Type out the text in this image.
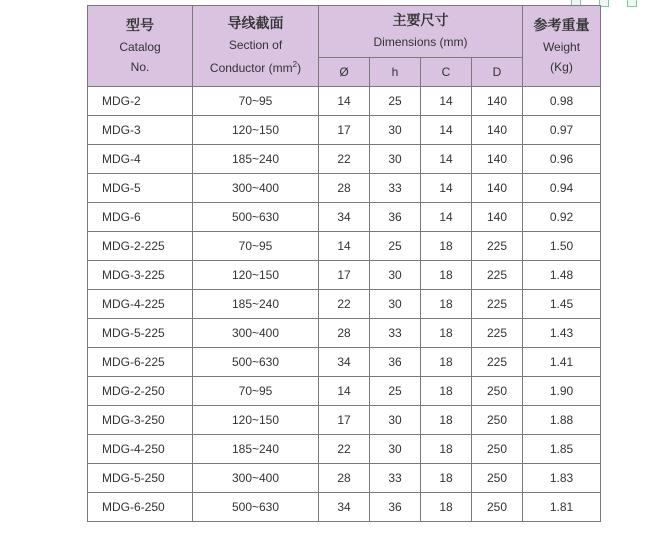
型号
Catalog
No.	导线截面
Section of
Conductor $(mm^2)$	主要尺寸
Dimensions (mm)				参考重量
Weight
(Kg)

		Ø	h	C	D	
MDG-2	70~95	14	25	14	140	0.98
MDG-3	120~150	17	30	14	140	0.97
MDG-4	185~240	22	30	14	140	0.96
MDG-5	300~400	28	33	14	140	0.94
MDG-6	500~630	34	36	14	140	0.92
MDG-2-225	70~95	14	25	18	225	1.50
MDG-3-225	120~150	17	30	18	225	1.48
MDG-4-225	185~240	22	30	18	225	1.45
MDG-5-225	300~400	28	33	18	225	1.43
MDG-6-225	500~630	34	36	18	225	1.41
MDG-2-250	70~95	14	25	18	250	1.90
MDG-3-250	120~150	17	30	18	250	1.88
MDG-4-250	185~240	22	30	18	250	1.85
MDG-5-250	300~400	28	33	18	250	1.83
MDG-6-250	500~630	34	36	18	250	1.81
